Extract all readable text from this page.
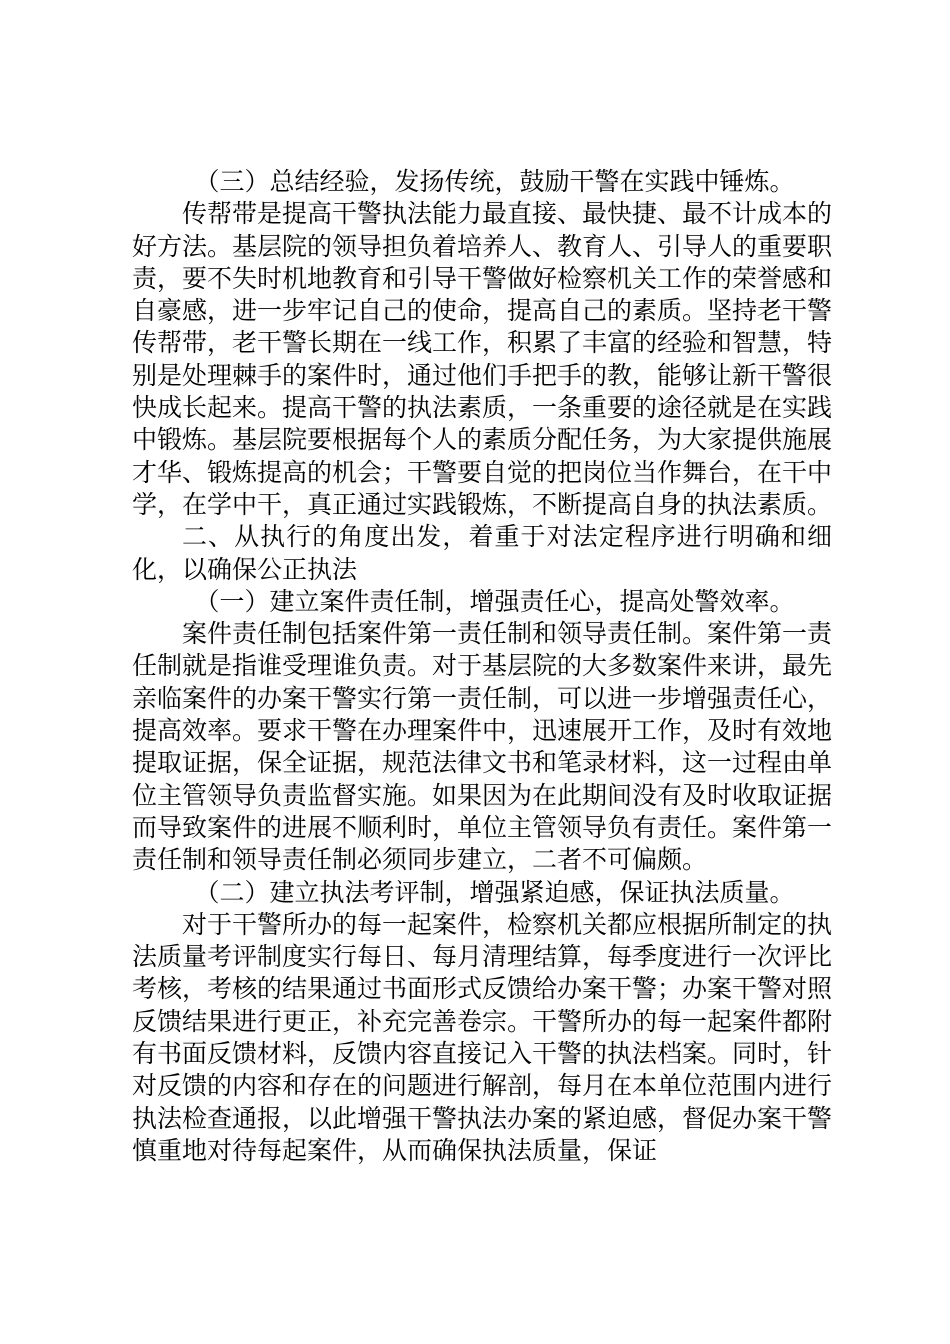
（三）总结经验，发扬传统，鼓励干警在实践中锤炼。

传帮带是提高干警执法能力最直接、最快捷、最不计成本的好方法。基层院的领导担负着培养人、教育人、引导人的重要职责，要不失时机地教育和引导干警做好检察机关工作的荣誉感和自豪感，进一步牢记自己的使命，提高自己的素质。坚持老干警传帮带，老干警长期在一线工作，积累了丰富的经验和智慧，特别是处理棘手的案件时，通过他们手把手的教，能够让新干警很快成长起来。提高干警的执法素质，一条重要的途径就是在实践中锻炼。基层院要根据每个人的素质分配任务，为大家提供施展才华、锻炼提高的机会；干警要自觉的把岗位当作舞台，在干中学，在学中干，真正通过实践锻炼，不断提高自身的执法素质。

二、从执行的角度出发，着重于对法定程序进行明确和细化，以确保公正执法

（一）建立案件责任制，增强责任心，提高处警效率。

案件责任制包括案件第一责任制和领导责任制。案件第一责任制就是指谁受理谁负责。对于基层院的大多数案件来讲，最先亲临案件的办案干警实行第一责任制，可以进一步增强责任心，提高效率。要求干警在办理案件中，迅速展开工作，及时有效地提取证据，保全证据，规范法律文书和笔录材料，这一过程由单位主管领导负责监督实施。如果因为在此期间没有及时收取证据而导致案件的进展不顺利时，单位主管领导负有责任。案件第一责任制和领导责任制必须同步建立，二者不可偏颇。

（二）建立执法考评制，增强紧迫感，保证执法质量。

对于干警所办的每一起案件，检察机关都应根据所制定的执法质量考评制度实行每日、每月清理结算，每季度进行一次评比考核，考核的结果通过书面形式反馈给办案干警；办案干警对照反馈结果进行更正，补充完善卷宗。干警所办的每一起案件都附有书面反馈材料，反馈内容直接记入干警的执法档案。同时，针对反馈的内容和存在的问题进行解剖，每月在本单位范围内进行执法检查通报，以此增强干警执法办案的紧迫感，督促办案干警慎重地对待每起案件，从而确保执法质量，保证
